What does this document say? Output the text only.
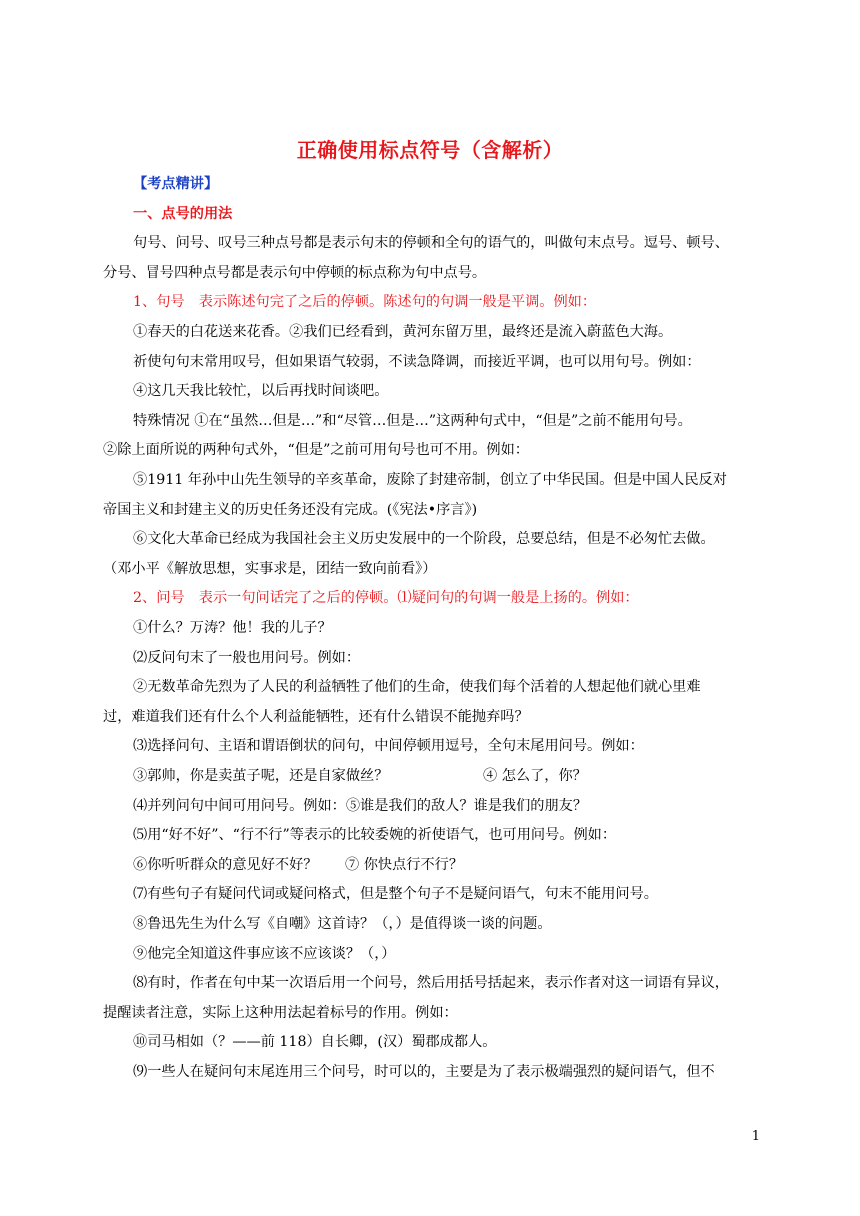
正确使用标点符号（含解析）
【考点精讲】
一、点号的用法
句号、问号、叹号三种点号都是表示句末的停顿和全句的语气的，叫做句末点号。逗号、顿号、
分号、冒号四种点号都是表示句中停顿的标点称为句中点号。
1、句号　表示陈述句完了之后的停顿。陈述句的句调一般是平调。例如：
①春天的白花送来花香。②我们已经看到，黄河东留万里，最终还是流入蔚蓝色大海。
祈使句句末常用叹号，但如果语气较弱，不读急降调，而接近平调，也可以用句号。例如：
④这几天我比较忙，以后再找时间谈吧。
特殊情况 ①在“虽然…但是…”和“尽管…但是…”这两种句式中，“但是”之前不能用句号。
②除上面所说的两种句式外，“但是”之前可用句号也可不用。例如：
⑤1911 年孙中山先生领导的辛亥革命，废除了封建帝制，创立了中华民国。但是中国人民反对
帝国主义和封建主义的历史任务还没有完成。(《宪法•序言》)
⑥文化大革命已经成为我国社会主义历史发展中的一个阶段，总要总结，但是不必匆忙去做。
（邓小平《解放思想，实事求是，团结一致向前看》）
2、问号　表示一句问话完了之后的停顿。⑴疑问句的句调一般是上扬的。例如：
①什么？万涛？他！我的儿子？
⑵反问句末了一般也用问号。例如：
②无数革命先烈为了人民的利益牺牲了他们的生命，使我们每个活着的人想起他们就心里难
过，难道我们还有什么个人利益能牺牲，还有什么错误不能抛弃吗？
⑶选择问句、主语和谓语倒状的问句，中间停顿用逗号，全句末尾用问号。例如：
③郭帅，你是卖茧子呢，还是自家做丝？	④ 怎么了，你？
⑷并列问句中间可用问号。例如：⑤谁是我们的敌人？谁是我们的朋友？
⑸用“好不好”、“行不行”等表示的比较委婉的祈使语气，也可用问号。例如：
⑥你听听群众的意见好不好？ ⑦ 你快点行不行？
⑺有些句子有疑问代词或疑问格式，但是整个句子不是疑问语气，句末不能用问号。
⑧鲁迅先生为什么写《自嘲》这首诗？（，）是值得谈一谈的问题。
⑨他完全知道这件事应该不应该谈？（，）
⑻有时，作者在句中某一次语后用一个问号，然后用括号括起来，表示作者对这一词语有异议，
提醒读者注意，实际上这种用法起着标号的作用。例如：
⑩司马相如（？——前 118）自长卿，(汉）蜀郡成都人。
⑼一些人在疑问句末尾连用三个问号，时可以的，主要是为了表示极端强烈的疑问语气，但不
1
